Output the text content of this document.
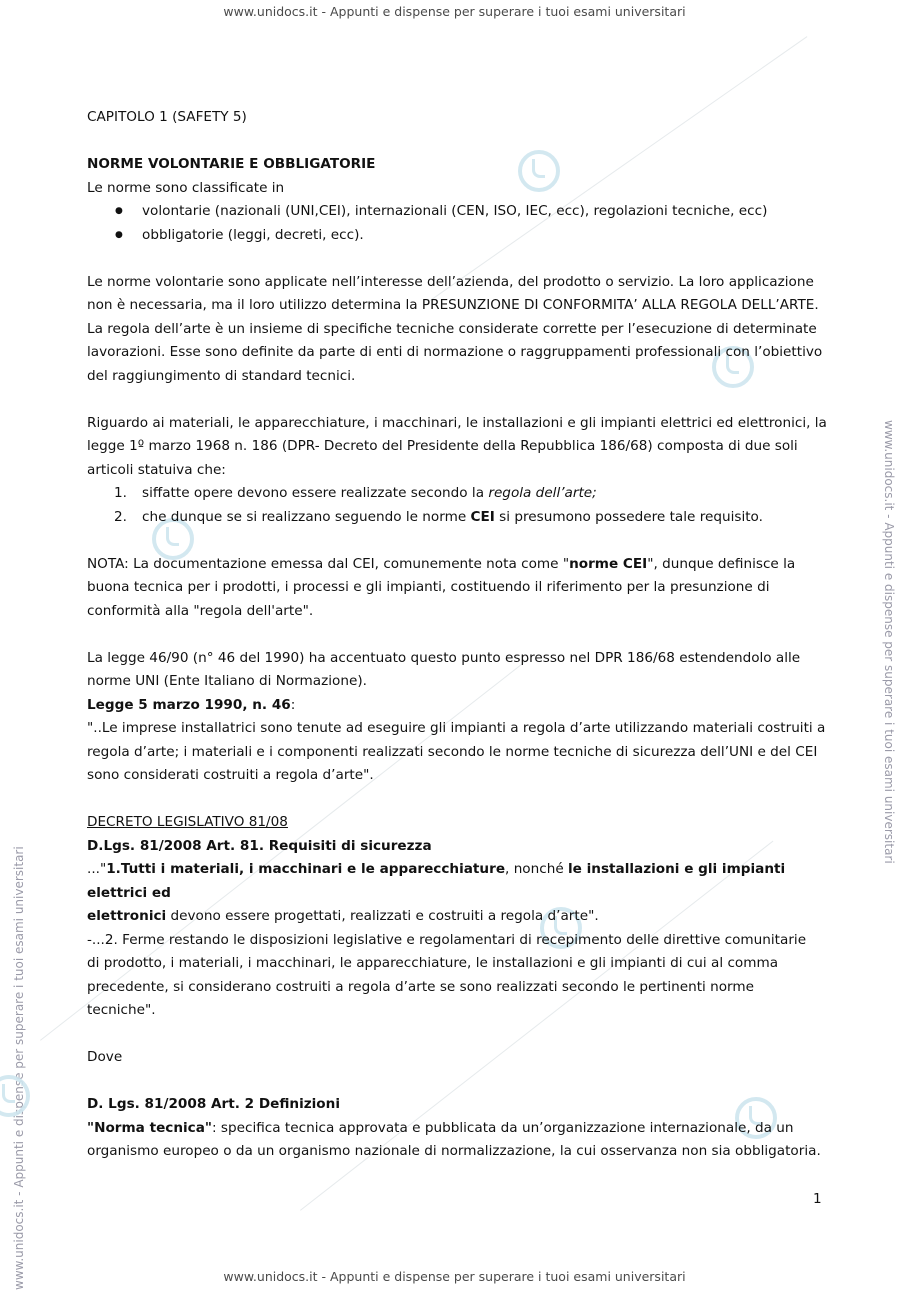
www.unidocs.it - Appunti e dispense per superare i tuoi esami universitari
www.unidocs.it - Appunti e dispense per superare i tuoi esami universitari
www.unidocs.it - Appunti e dispense per superare i tuoi esami universitari
www.unidocs.it - Appunti e dispense per superare i tuoi esami universitari

CAPITOLO 1 (SAFETY 5)

NORME VOLONTARIE E OBBLIGATORIE

Le norme sono classificate in

● volontarie (nazionali (UNI,CEI), internazionali (CEN, ISO, IEC, ecc), regolazioni tecniche, ecc)

● obbligatorie (leggi, decreti, ecc).

Le norme volontarie sono applicate nell’interesse dell’azienda, del prodotto o servizio. La loro applicazione

non è necessaria, ma il loro utilizzo determina la PRESUNZIONE DI CONFORMITA’ ALLA REGOLA DELL’ARTE.

La regola dell’arte è un insieme di specifiche tecniche considerate corrette per l’esecuzione di determinate

lavorazioni. Esse sono definite da parte di enti di normazione o raggruppamenti professionali con l’obiettivo

del raggiungimento di standard tecnici.

Riguardo ai materiali, le apparecchiature, i macchinari, le installazioni e gli impianti elettrici ed elettronici, la

legge 1º marzo 1968 n. 186 (DPR- Decreto del Presidente della Repubblica 186/68) composta di due soli

articoli statuiva che:

1. siffatte opere devono essere realizzate secondo la regola dell’arte;

2. che dunque se si realizzano seguendo le norme CEI si presumono possedere tale requisito.

NOTA: La documentazione emessa dal CEI, comunemente nota come "norme CEI", dunque definisce la

buona tecnica per i prodotti, i processi e gli impianti, costituendo il riferimento per la presunzione di

conformità alla "regola dell'arte".

La legge 46/90 (n° 46 del 1990) ha accentuato questo punto espresso nel DPR 186/68 estendendolo alle

norme UNI (Ente Italiano di Normazione).

Legge 5 marzo 1990, n. 46:

"..Le imprese installatrici sono tenute ad eseguire gli impianti a regola d’arte utilizzando materiali costruiti a

regola d’arte; i materiali e i componenti realizzati secondo le norme tecniche di sicurezza dell’UNI e del CEI

sono considerati costruiti a regola d’arte".

DECRETO LEGISLATIVO 81/08

D.Lgs. 81/2008 Art. 81. Requisiti di sicurezza

..."1.Tutti i materiali, i macchinari e le apparecchiature, nonché le installazioni e gli impianti elettrici ed

elettronici devono essere progettati, realizzati e costruiti a regola d’arte".

-...2. Ferme restando le disposizioni legislative e regolamentari di recepimento delle direttive comunitarie

di prodotto, i materiali, i macchinari, le apparecchiature, le installazioni e gli impianti di cui al comma

precedente, si considerano costruiti a regola d’arte se sono realizzati secondo le pertinenti norme

tecniche".

Dove

D. Lgs. 81/2008 Art. 2 Definizioni

"Norma tecnica": specifica tecnica approvata e pubblicata da un’organizzazione internazionale, da un

organismo europeo o da un organismo nazionale di normalizzazione, la cui osservanza non sia obbligatoria.

1
